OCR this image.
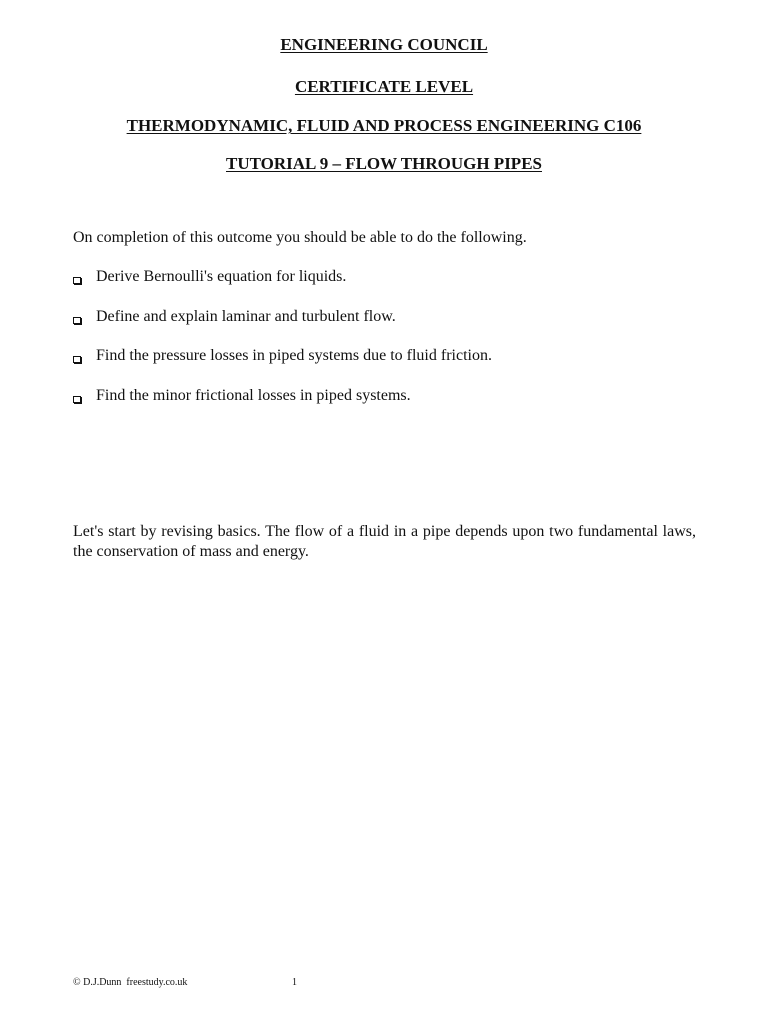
ENGINEERING COUNCIL
CERTIFICATE LEVEL
THERMODYNAMIC, FLUID AND PROCESS ENGINEERING C106
TUTORIAL 9 – FLOW THROUGH PIPES
On completion of this outcome you should be able to do the following.
Derive Bernoulli's equation for liquids.
Define and explain laminar and turbulent flow.
Find the pressure losses in piped systems due to fluid friction.
Find the minor frictional losses in piped systems.

Let's start by revising basics. The flow of a fluid in a pipe depends upon two fundamental laws, the conservation of mass and energy.

© D.J.Dunn  freestudy.co.uk	1
